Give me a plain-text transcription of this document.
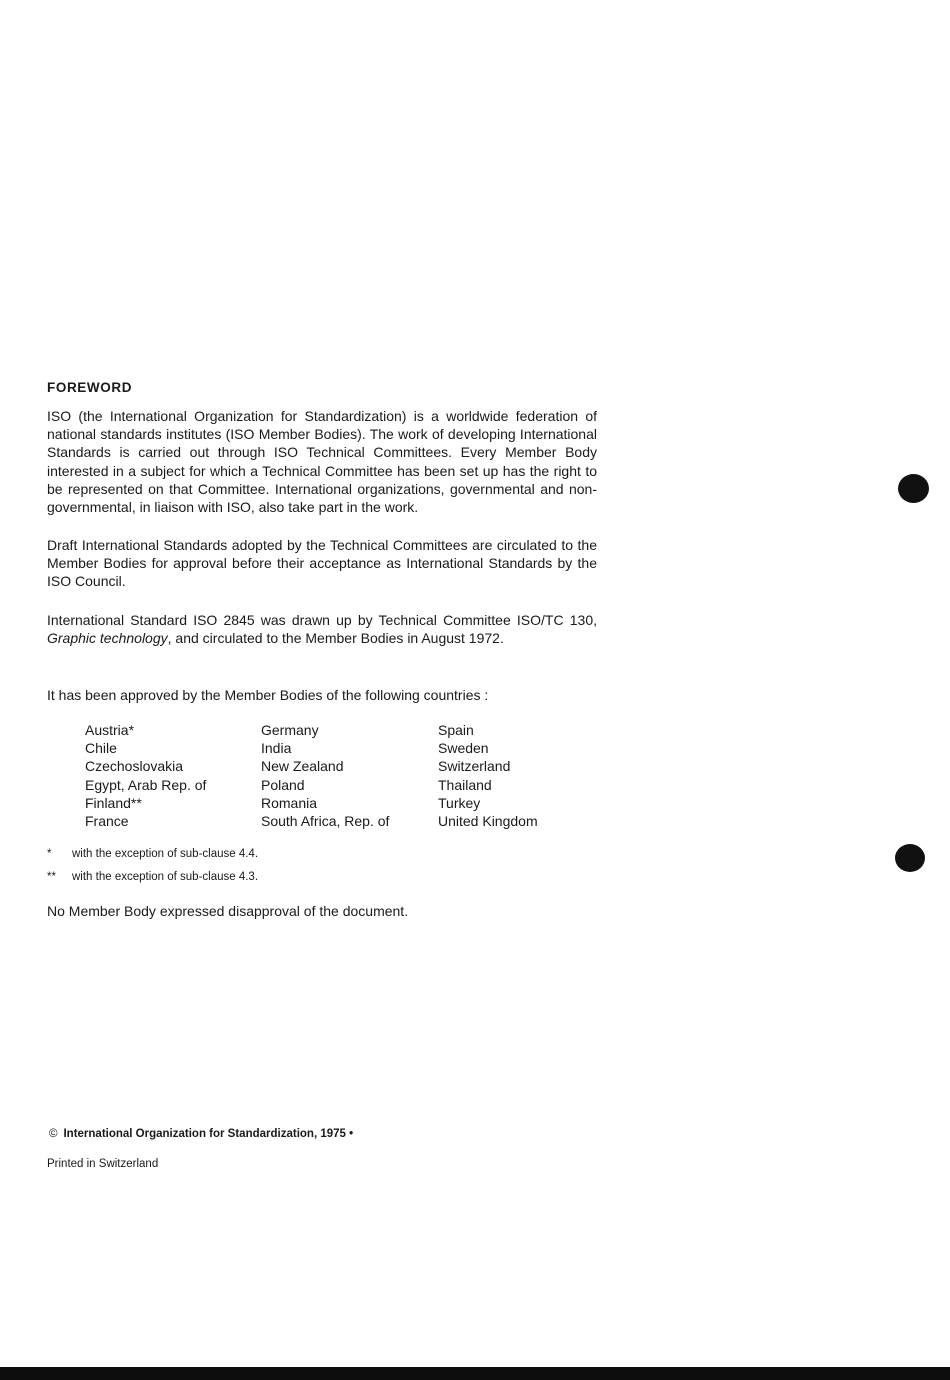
FOREWORD

ISO (the International Organization for Standardization) is a worldwide federation of national standards institutes (ISO Member Bodies). The work of developing International Standards is carried out through ISO Technical Committees. Every Member Body interested in a subject for which a Technical Committee has been set up has the right to be represented on that Committee. International organizations, governmental and non-governmental, in liaison with ISO, also take part in the work.

Draft International Standards adopted by the Technical Committees are circulated to the Member Bodies for approval before their acceptance as International Standards by the ISO Council.

International Standard ISO 2845 was drawn up by Technical Committee ISO/TC 130, Graphic technology, and circulated to the Member Bodies in August 1972.

It has been approved by the Member Bodies of the following countries :

Austria*
Chile
Czechoslovakia
Egypt, Arab Rep. of
Finland**
France
Germany
India
New Zealand
Poland
Romania
South Africa, Rep. of
Spain
Sweden
Switzerland
Thailand
Turkey
United Kingdom
* with the exception of sub-clause 4.4.
** with the exception of sub-clause 4.3.
No Member Body expressed disapproval of the document.
© International Organization for Standardization, 1975 •
Printed in Switzerland
